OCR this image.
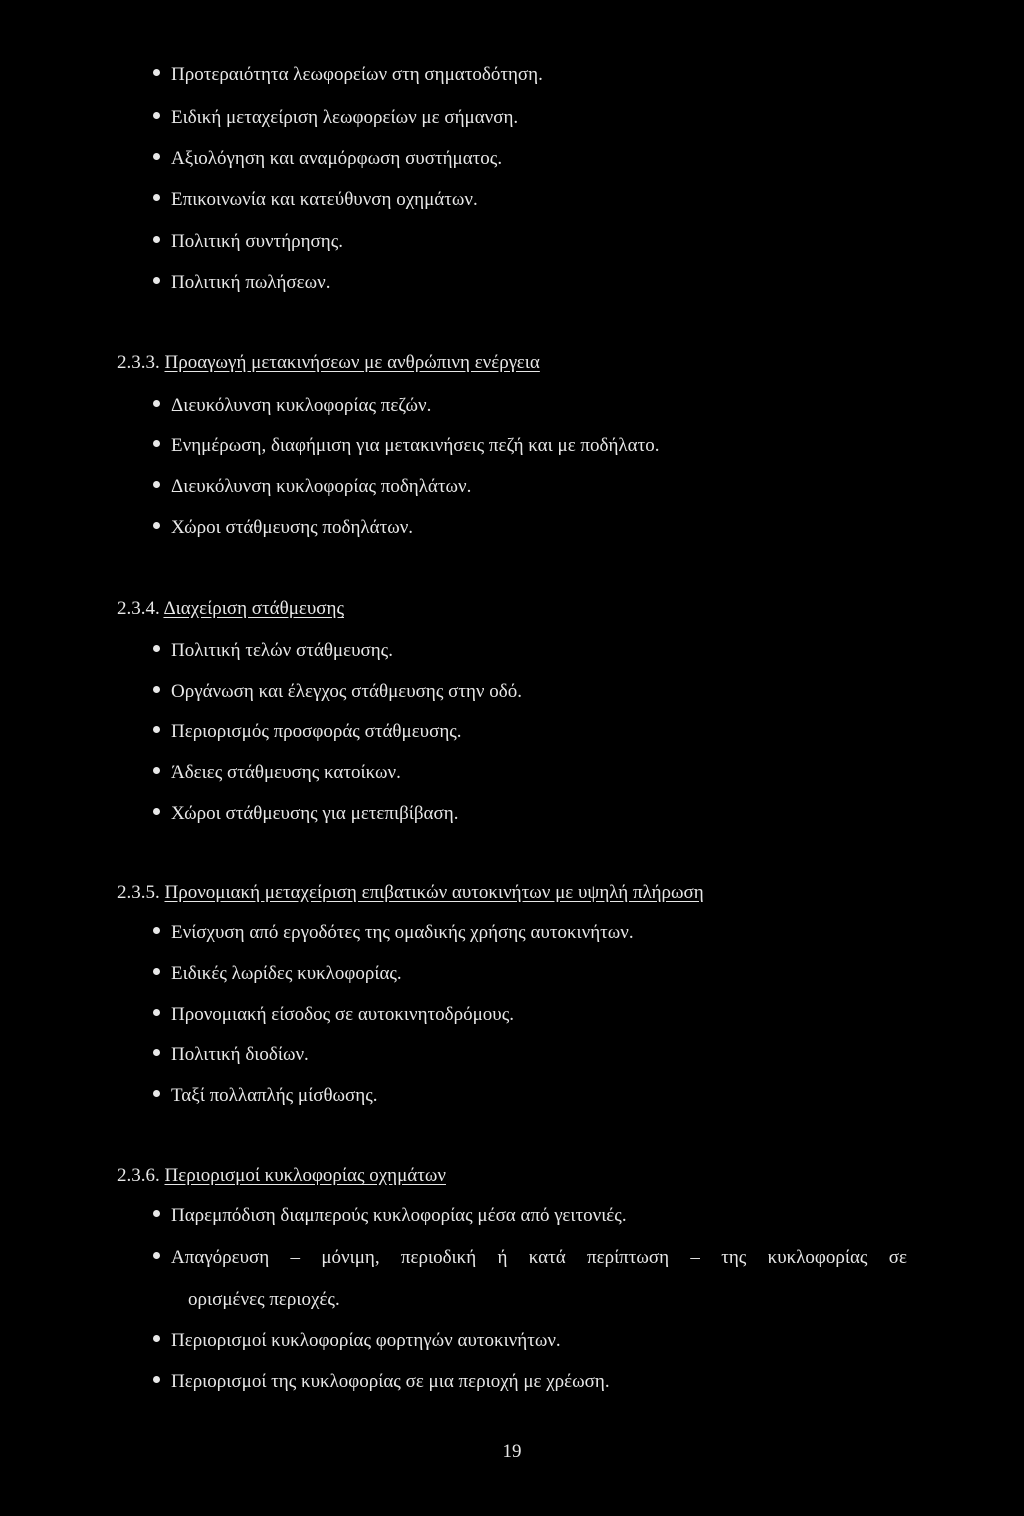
Προτεραιότητα λεωφορείων στη σηματοδότηση.
Ειδική μεταχείριση λεωφορείων με σήμανση.
Αξιολόγηση και αναμόρφωση συστήματος.
Επικοινωνία και κατεύθυνση οχημάτων.
Πολιτική συντήρησης.
Πολιτική πωλήσεων.
2.3.3. Προαγωγή μετακινήσεων με ανθρώπινη ενέργεια
Διευκόλυνση κυκλοφορίας πεζών.
Ενημέρωση, διαφήμιση για μετακινήσεις πεζή και με ποδήλατο.
Διευκόλυνση κυκλοφορίας ποδηλάτων.
Χώροι στάθμευσης ποδηλάτων.
2.3.4. Διαχείριση στάθμευσης
Πολιτική τελών στάθμευσης.
Οργάνωση και έλεγχος στάθμευσης στην οδό.
Περιορισμός προσφοράς στάθμευσης.
Άδειες στάθμευσης κατοίκων.
Χώροι στάθμευσης για μετεπιβίβαση.
2.3.5. Προνομιακή μεταχείριση επιβατικών αυτοκινήτων με υψηλή πλήρωση
Ενίσχυση από εργοδότες της ομαδικής χρήσης αυτοκινήτων.
Ειδικές λωρίδες κυκλοφορίας.
Προνομιακή είσοδος σε αυτοκινητοδρόμους.
Πολιτική διοδίων.
Ταξί πολλαπλής μίσθωσης.
2.3.6. Περιορισμοί κυκλοφορίας οχημάτων
Παρεμπόδιση διαμπερούς κυκλοφορίας μέσα από γειτονιές.
Απαγόρευση – μόνιμη, περιοδική ή κατά περίπτωση – της κυκλοφορίας σε
ορισμένες περιοχές.
Περιορισμοί κυκλοφορίας φορτηγών αυτοκινήτων.
Περιορισμοί της κυκλοφορίας σε μια περιοχή με χρέωση.
19
